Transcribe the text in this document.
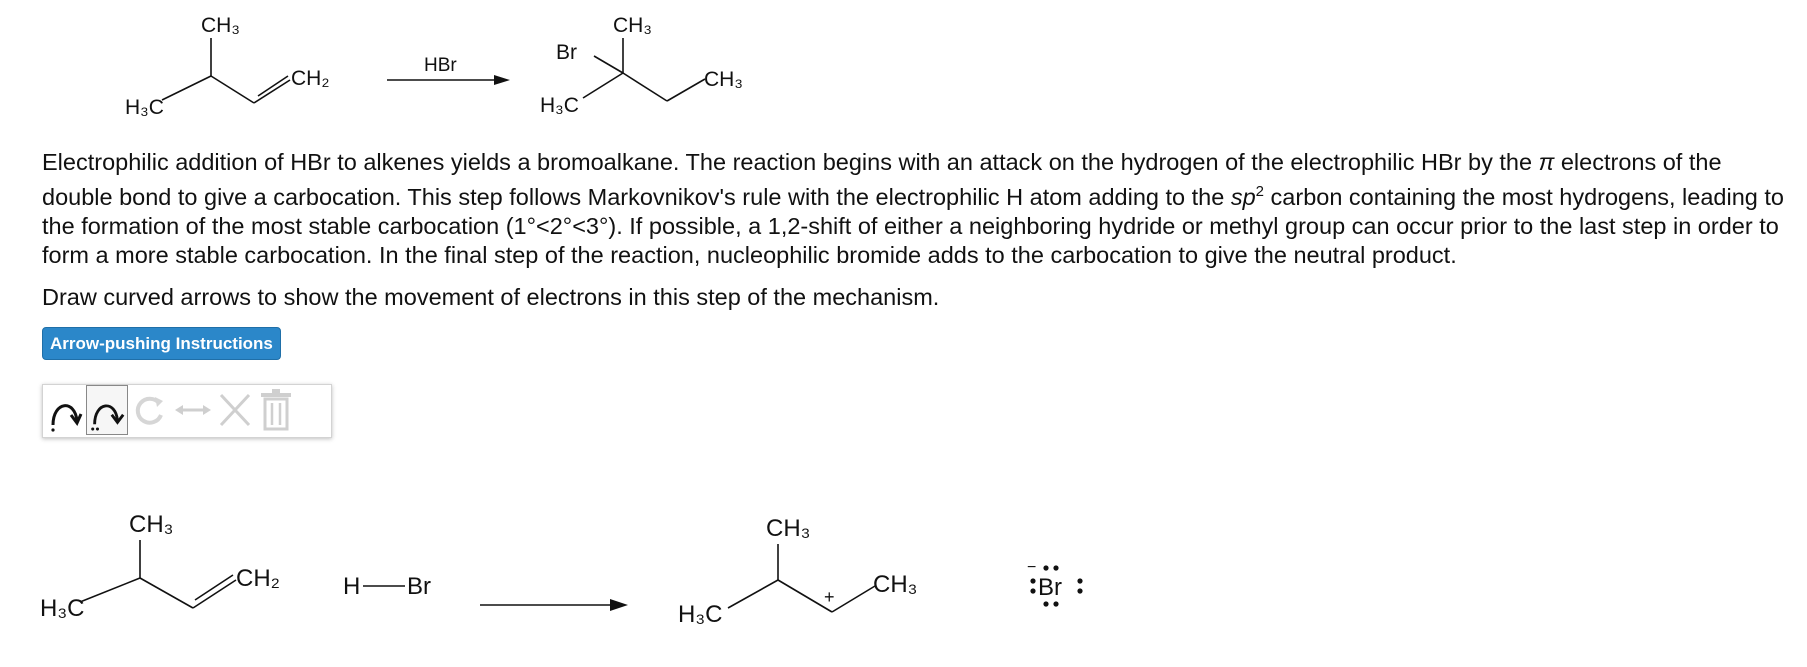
CH₃
H₃C
CH₂
HBr
CH₃
Br
H₃C
CH₃

Electrophilic addition of HBr to alkenes yields a bromoalkane. The reaction begins with an attack on the hydrogen of the electrophilic HBr by the π electrons of the double bond to give a carbocation. This step follows Markovnikov's rule with the electrophilic H atom adding to the $sp^2$ carbon containing the most hydrogens, leading to the formation of the most stable carbocation (1°<2°<3°). If possible, a 1,2-shift of either a neighboring hydride or methyl group can occur prior to the last step in order to form a more stable carbocation. In the final step of the reaction, nucleophilic bromide adds to the carbocation to give the neutral product.

Draw curved arrows to show the movement of electrons in this step of the mechanism.

Arrow-pushing Instructions
CH₃
H₃C
CH₂	H Br
CH₃
H₃C
CH₃
+	Br
−
